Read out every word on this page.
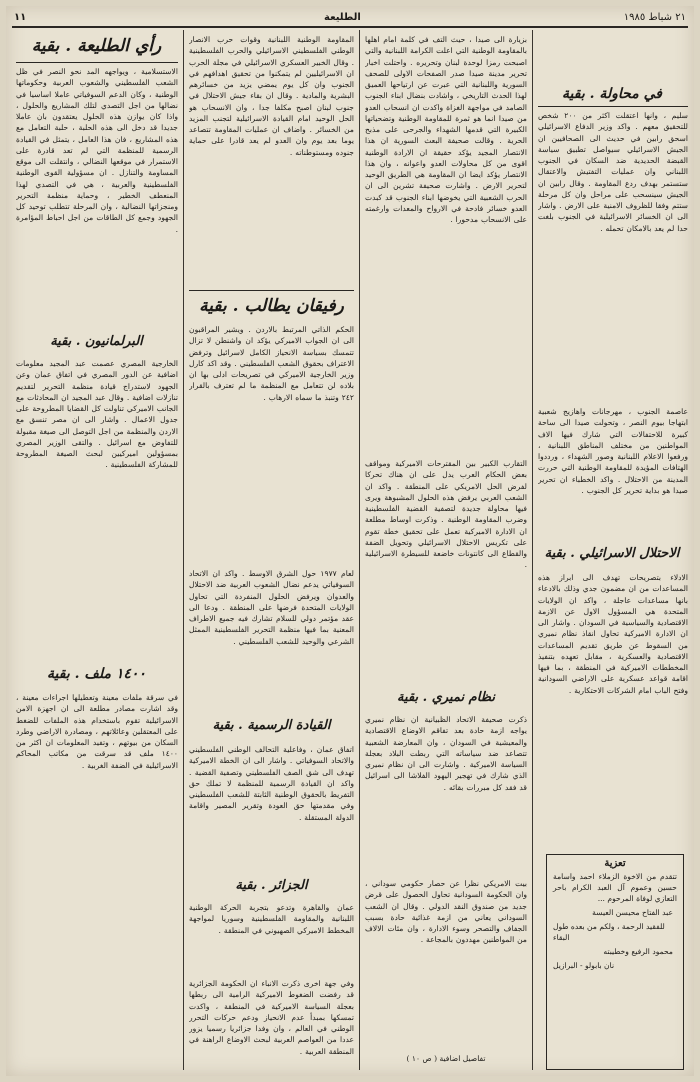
١١	الطليعة	٢١ شباط ١٩٨٥
في محاولة . بقية
سليم ، وانها اعتقلت اكثر من ٢٠٠ شخص للتحقيق معهم . واكد وزير الدفاع الاسرائيلي اسحق رابين في حديث الى الصحافيين ان الجيش الاسرائيلي سيواصل تطبيق سياسة القبضة الحديدية ضد السكان في الجنوب اللبناني وان عمليات التفتيش والاعتقال ستستمر بهدف ردع المقاومة . وقال رابين ان الجيش سينسحب على مراحل وان كل مرحلة ستتم وفقا للظروف الامنية على الارض . واشار الى ان الخسائر الاسرائيلية في الجنوب بلغت حدا لم يعد بالامكان تحمله .
عاصمة الجنوب ، مهرجانات واهازيج شعبية ابتهاجا بيوم النصر ، وتحولت صيدا الى ساحة كبيرة للاحتفالات التي شارك فيها الاف المواطنين من مختلف المناطق اللبنانية ، ورفعوا الاعلام اللبنانية وصور الشهداء ، ورددوا الهتافات المؤيدة للمقاومة الوطنية التي حررت المدينة من الاحتلال . واكد الخطباء ان تحرير صيدا هو بداية تحرير كل الجنوب .
الاحتلال الاسرائيلي . بقية
الادلاء بتصريحات تهدف الى ابراز هذه المساعدات من ان مضمون جدي وذلك بالادعاء بانها مساعدات عاجلة ، واكد ان الولايات المتحدة هي المسؤول الاول عن الازمة الاقتصادية والسياسية في السودان . واشار الى ان الادارة الاميركية تحاول انقاذ نظام نميري من السقوط عن طريق تقديم المساعدات الاقتصادية والعسكرية ، مقابل تعهده بتنفيذ المخططات الاميركية في المنطقة ، بما فيها اقامة قواعد عسكرية على الاراضي السودانية وفتح الباب امام الشركات الاحتكارية .
تعزية
تتقدم من الاخوة الزملاء احمد واسامة حسين وعموم آل العبد الكرام باحر التعازي لوفاة المرحوم ...
عبد الفتاح محيسن العيسة
للفقيد الرحمة ، ولكم من بعده طول البقاء
محمود الرفيع وخطيبته
نان بابولو - البرازيل
بزيارة الى صيدا ، حيث التف في كلمة امام اهلها بالمقاومة الوطنية التي اعلت الكرامة اللبنانية والتي اصبحت رمزا لوحدة لبنان وتحريره . واحتلت اخبار تحرير مدينة صيدا صدر الصفحات الاولى للصحف السورية واللبنانية التي عبرت عن ارتياحها العميق لهذا الحدث التاريخي ، واشادت بنضال ابناء الجنوب الصامد في مواجهة الغزاة واكدت ان انسحاب العدو من صيدا انما هو ثمرة للمقاومة الوطنية وتضحياتها الكبيرة التي قدمها الشهداء والجرحى على مذبح الحرية . وقالت صحيفة البعث السورية ان هذا الانتصار المجيد يؤكد حقيقة ان الارادة الوطنية اقوى من كل محاولات العدو واعوانه ، وان هذا الانتصار يؤكد ايضا ان المقاومة هي الطريق الوحيد لتحرير الارض . واشارت صحيفة تشرين الى ان الحرب الشعبية التي يخوضها ابناء الجنوب قد كبدت العدو خسائر فادحة في الارواح والمعدات وارغمته على الانسحاب مدحورا .
التقارب الكبير بين المقترحات الاميركية ومواقف بعض الحكام العرب يدل على ان هناك تحركا لفرض الحل الامريكي على المنطقة . واكد ان الشعب العربي يرفض هذه الحلول المشبوهة ويرى فيها محاولة جديدة لتصفية القضية الفلسطينية وضرب المقاومة الوطنية . وذكرت اوساط مطلعة ان الادارة الاميركية تعمل على تحقيق خطة تقوم على تكريس الاحتلال الاسرائيلي وتحويل الضفة والقطاع الى كانتونات خاضعة للسيطرة الاسرائيلية .
نظام نميري . بقية
ذكرت صحيفة الاتحاد الظبيانية ان نظام نميري يواجه ازمة حادة بعد تفاقم الاوضاع الاقتصادية والمعيشية في السودان ، وان المعارضة الشعبية تتصاعد ضد سياساته التي ربطت البلاد بعجلة السياسة الاميركية . واشارت الى ان نظام نميري الذي شارك في تهجير اليهود الفلاشا الى اسرائيل قد فقد كل مبررات بقائه .
بيت الامريكي نظرا عن حصار حكومي سوداني ، وان الحكومة السودانية تحاول الحصول على قرض جديد من صندوق النقد الدولي . وقال ان الشعب السوداني يعاني من ازمة غذائية حادة بسبب الجفاف والتصحر وسوء الادارة ، وان مئات الالاف من المواطنين مهددون بالمجاعة .
تفاصيل اضافية ( ص ١٠ )
المقاومة الوطنية اللبنانية وقوات حرب الانصار الوطني الفلسطيني الاسرائيلي والحرب الفلسطينية . وقال الخبير العسكري الاسرائيلي في مجلة الحرب ان الاسرائيليين لم يتمكنوا من تحقيق اهدافهم في الجنوب وان كل يوم يمضي يزيد من خسائرهم البشرية والمادية . وقال ان بقاء جيش الاحتلال في جنوب لبنان اصبح مكلفا جدا ، وان الانسحاب هو الحل الوحيد امام القيادة الاسرائيلية لتجنب المزيد من الخسائر . واضاف ان عمليات المقاومة تتصاعد يوما بعد يوم وان العدو لم يعد قادرا على حماية جنوده ومستوطناته .
رفيقان يطالب . بقية
الحكم الذاتي المرتبط بالاردن . ويشير المراقبون الى ان الجواب الاميركي يؤكد ان واشنطن لا تزال تتمسك بسياسة الانحياز الكامل لاسرائيل وترفض الاعتراف بحقوق الشعب الفلسطيني . وقد اكد كارل وزير الخارجية الاميركي في تصريحات ادلى بها ان بلاده لن تتعامل مع المنظمة ما لم تعترف بالقرار ٢٤٢ وتنبذ ما سماه الارهاب .
لعام ١٩٧٧ حول الشرق الاوسط . واكد ان الاتحاد السوفياتي يدعم نضال الشعوب العربية ضد الاحتلال والعدوان ويرفض الحلول المنفردة التي تحاول الولايات المتحدة فرضها على المنطقة . ودعا الى عقد مؤتمر دولي للسلام تشارك فيه جميع الاطراف المعنية بما فيها منظمة التحرير الفلسطينية الممثل الشرعي والوحيد للشعب الفلسطيني .
القيادة الرسمية . بقية
اتفاق عمان ، وفاعلية التحالف الوطني الفلسطيني والاتحاد السوفياتي . واشار الى ان الخطة الاميركية تهدف الى شق الصف الفلسطيني وتصفية القضية . واكد ان القيادة الرسمية للمنظمة لا تملك حق التفريط بالحقوق الوطنية الثابتة للشعب الفلسطيني وفي مقدمتها حق العودة وتقرير المصير واقامة الدولة المستقلة .
الجزائر . بقية
عمان والقاهرة وتدعو بتجربة الحركة الوطنية اللبنانية والمقاومة الفلسطينية وسوريا لمواجهة المخطط الاميركي الصهيوني في المنطقة .
وفي جهة اخرى ذكرت الانباء ان الحكومة الجزائرية قد رفضت الضغوط الاميركية الرامية الى ربطها بعجلة السياسة الاميركية في المنطقة ، واكدت تمسكها بمبدأ عدم الانحياز ودعم حركات التحرر الوطني في العالم ، وان وفدا جزائريا رسميا يزور عددا من العواصم العربية لبحث الاوضاع الراهنة في المنطقة العربية .
رأي الطليعة . بقية
الاستسلامية ، ويواجهه المد نحو النصر في ظل الشعب الفلسطيني والشعوب العربية وحكوماتها الوطنية ، وكان الدعم السوفياتي عاملا اساسيا في نضالها من اجل التصدي لتلك المشاريع والحلول ، واذا كان يوازن هذه الحلول يعتقدون بان عاملا جديدا قد دخل الى هذه الحلبة ، حلبة التعامل مع هذه المشاريع ، فان هذا العامل ، يتمثل في القيادة الرسمية للمنظمة التي لم تعد قادرة على الاستمرار في موقعها النضالي ، وانتقلت الى موقع المساومة والتنازل . ان مسؤولية القوى الوطنية الفلسطينية والعربية ، هي في التصدي لهذا المنعطف الخطير ، وحماية منظمة التحرير ومنجزاتها النضالية ، وان المرحلة تتطلب توحيد كل الجهود وجمع كل الطاقات من اجل احباط المؤامرة .
البرلمانيون . بقية
الخارجية المصري عصمت عبد المجيد معلومات اضافية عن الدور المصري في اتفاق عمان وعن الجهود لاستدراج قيادة منظمة التحرير لتقديم تنازلات اضافية . وقال عبد المجيد ان المحادثات مع الجانب الاميركي تناولت كل القضايا المطروحة على جدول الاعمال . واشار الى ان مصر تنسق مع الاردن والمنظمة من اجل التوصل الى صيغة مقبولة للتفاوض مع اسرائيل . والتقى الوزير المصري بمسؤولين اميركيين لبحث الصيغة المطروحة للمشاركة الفلسطينية .
١٤٠٠ ملف . بقية
في سرقة ملفات معينة وتعطيلها اجراءات معينة ، وقد اشارت مصادر مطلعة الى ان اجهزة الامن الاسرائيلية تقوم باستخدام هذه الملفات للضغط على المعتقلين وعائلاتهم ، ومصادرة الاراضي وطرد السكان من بيوتهم ، وتفيد المعلومات ان اكثر من ١٤٠٠ ملف قد سرقت من مكاتب المحاكم الاسرائيلية في الضفة الغربية .
